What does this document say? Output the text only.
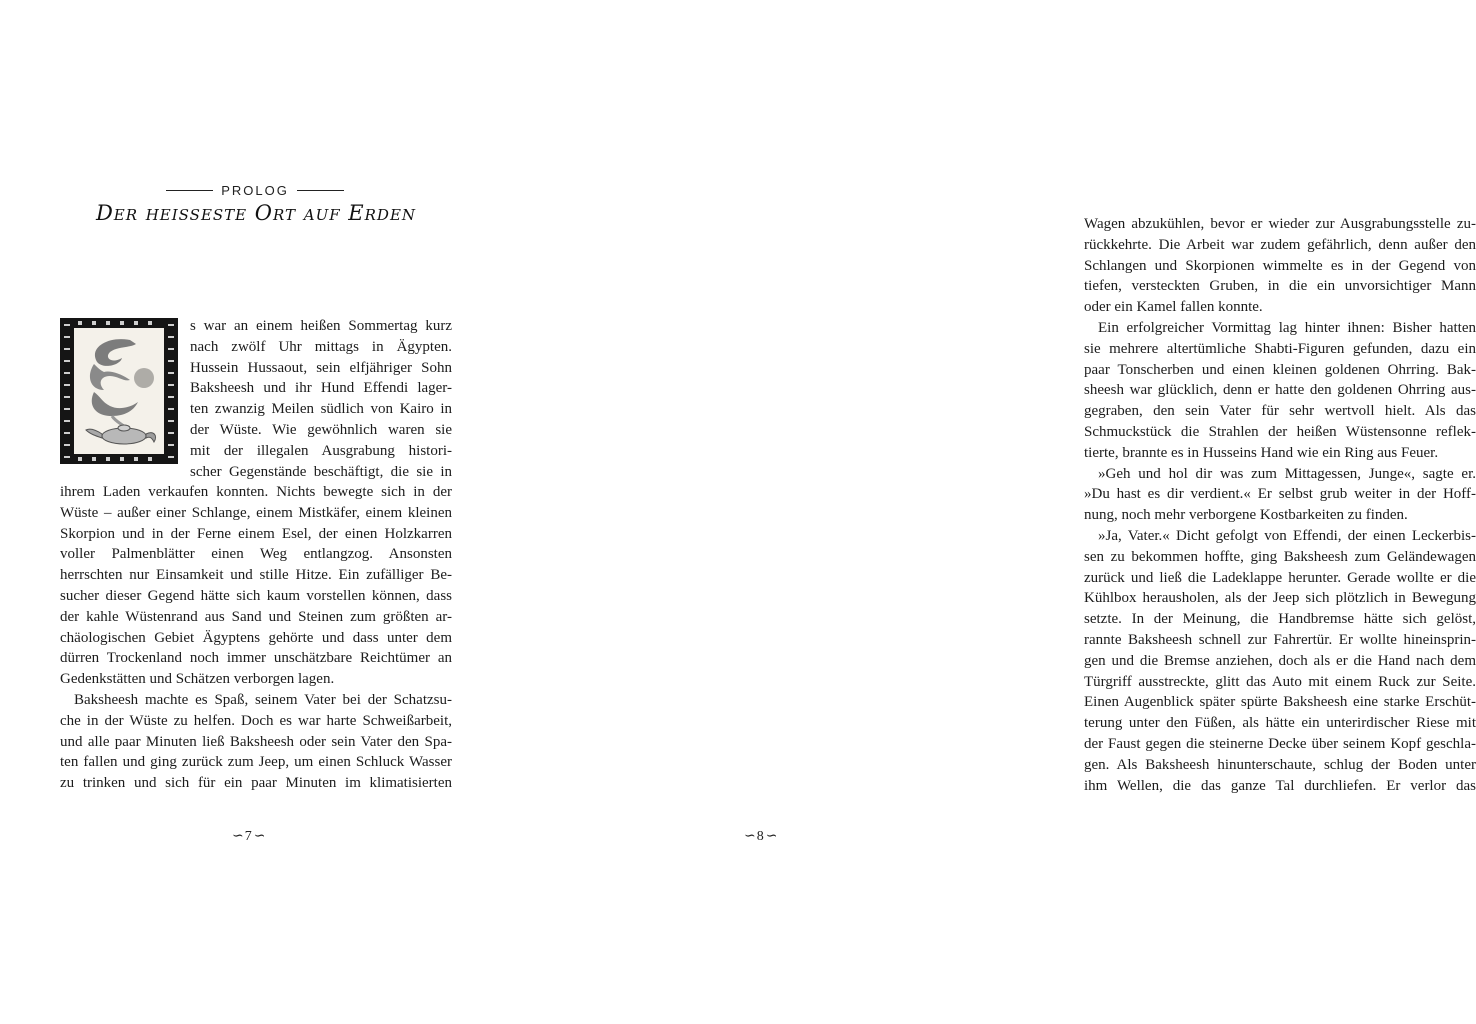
PROLOG
Der heisseste Ort auf Erden
s war an einem heißen Sommertag kurz
nach zwölf Uhr mittags in Ägypten.
Hussein Hussaout, sein elfjähriger Sohn
Baksheesh und ihr Hund Effendi lager-
ten zwanzig Meilen südlich von Kairo in
der Wüste. Wie gewöhnlich waren sie
mit der illegalen Ausgrabung histori-
scher Gegenstände beschäftigt, die sie in
ihrem Laden verkaufen konnten. Nichts bewegte sich in der
Wüste – außer einer Schlange, einem Mistkäfer, einem kleinen
Skorpion und in der Ferne einem Esel, der einen Holzkarren
voller Palmenblätter einen Weg entlangzog. Ansonsten
herrschten nur Einsamkeit und stille Hitze. Ein zufälliger Be-
sucher dieser Gegend hätte sich kaum vorstellen können, dass
der kahle Wüstenrand aus Sand und Steinen zum größten ar-
chäologischen Gebiet Ägyptens gehörte und dass unter dem
dürren Trockenland noch immer unschätzbare Reichtümer an
Gedenkstätten und Schätzen verborgen lagen.
Baksheesh machte es Spaß, seinem Vater bei der Schatzsu-
che in der Wüste zu helfen. Doch es war harte Schweißarbeit,
und alle paar Minuten ließ Baksheesh oder sein Vater den Spa-
ten fallen und ging zurück zum Jeep, um einen Schluck Wasser
zu trinken und sich für ein paar Minuten im klimatisierten
∽ 7 ∽
Wagen abzukühlen, bevor er wieder zur Ausgrabungsstelle zu-
rückkehrte. Die Arbeit war zudem gefährlich, denn außer den
Schlangen und Skorpionen wimmelte es in der Gegend von
tiefen, versteckten Gruben, in die ein unvorsichtiger Mann
oder ein Kamel fallen konnte.
Ein erfolgreicher Vormittag lag hinter ihnen: Bisher hatten
sie mehrere altertümliche Shabti-Figuren gefunden, dazu ein
paar Tonscherben und einen kleinen goldenen Ohrring. Bak-
sheesh war glücklich, denn er hatte den goldenen Ohrring aus-
gegraben, den sein Vater für sehr wertvoll hielt. Als das
Schmuckstück die Strahlen der heißen Wüstensonne reflek-
tierte, brannte es in Husseins Hand wie ein Ring aus Feuer.
»Geh und hol dir was zum Mittagessen, Junge«, sagte er.
»Du hast es dir verdient.« Er selbst grub weiter in der Hoff-
nung, noch mehr verborgene Kostbarkeiten zu finden.
»Ja, Vater.« Dicht gefolgt von Effendi, der einen Leckerbis-
sen zu bekommen hoffte, ging Baksheesh zum Geländewagen
zurück und ließ die Ladeklappe herunter. Gerade wollte er die
Kühlbox herausholen, als der Jeep sich plötzlich in Bewegung
setzte. In der Meinung, die Handbremse hätte sich gelöst,
rannte Baksheesh schnell zur Fahrertür. Er wollte hineinsprin-
gen und die Bremse anziehen, doch als er die Hand nach dem
Türgriff ausstreckte, glitt das Auto mit einem Ruck zur Seite.
Einen Augenblick später spürte Baksheesh eine starke Erschüt-
terung unter den Füßen, als hätte ein unterirdischer Riese mit
der Faust gegen die steinerne Decke über seinem Kopf geschla-
gen. Als Baksheesh hinunterschaute, schlug der Boden unter
ihm Wellen, die das ganze Tal durchliefen. Er verlor das
∽ 8 ∽
